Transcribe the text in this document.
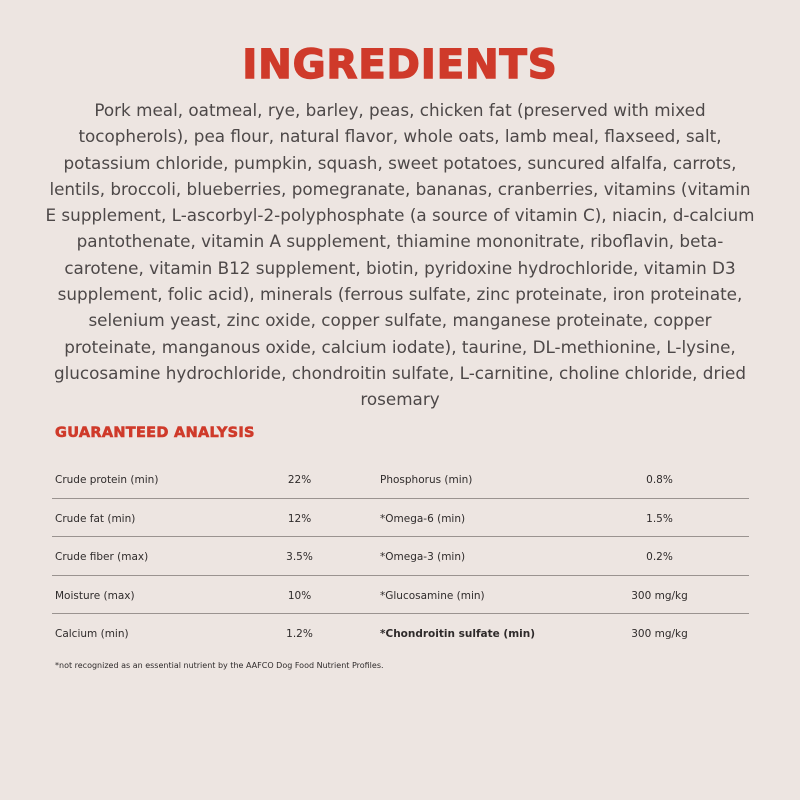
INGREDIENTS
Pork meal, oatmeal, rye, barley, peas, chicken fat (preserved with mixed tocopherols), pea flour, natural flavor, whole oats, lamb meal, flaxseed, salt, potassium chloride, pumpkin, squash, sweet potatoes, suncured alfalfa, carrots, lentils, broccoli, blueberries, pomegranate, bananas, cranberries, vitamins (vitamin E supplement, L-ascorbyl-2-polyphosphate (a source of vitamin C), niacin, d-calcium pantothenate, vitamin A supplement, thiamine mononitrate, riboflavin, beta-carotene, vitamin B12 supplement, biotin, pyridoxine hydrochloride, vitamin D3 supplement, folic acid), minerals (ferrous sulfate, zinc proteinate, iron proteinate, selenium yeast, zinc oxide, copper sulfate, manganese proteinate, copper proteinate, manganous oxide, calcium iodate), taurine, DL-methionine, L-lysine, glucosamine hydrochloride, chondroitin sulfate, L-carnitine, choline chloride, dried rosemary
GUARANTEED ANALYSIS
Crude protein (min)	22%	Phosphorus (min)	0.8%
Crude fat (min)	12%	*Omega-6 (min)	1.5%
Crude fiber (max)	3.5%	*Omega-3 (min)	0.2%
Moisture (max)	10%	*Glucosamine (min)	300 mg/kg
Calcium (min)	1.2%	*Chondroitin sulfate (min)	300 mg/kg
*not recognized as an essential nutrient by the AAFCO Dog Food Nutrient Profiles.
